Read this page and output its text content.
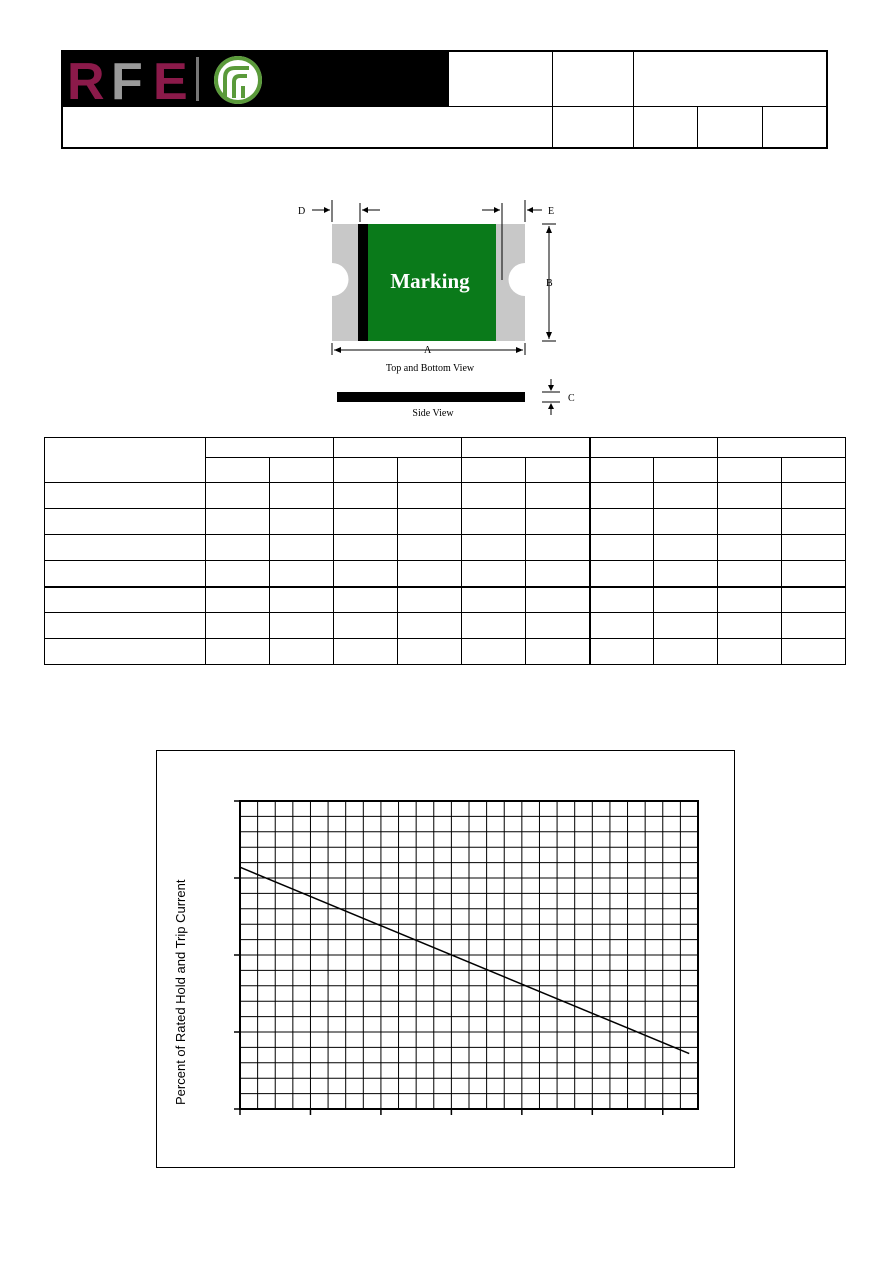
R F E
Marking
D	E
B
A
Top and Bottom View
Side View
C

Percent of Rated Hold and Trip Current
